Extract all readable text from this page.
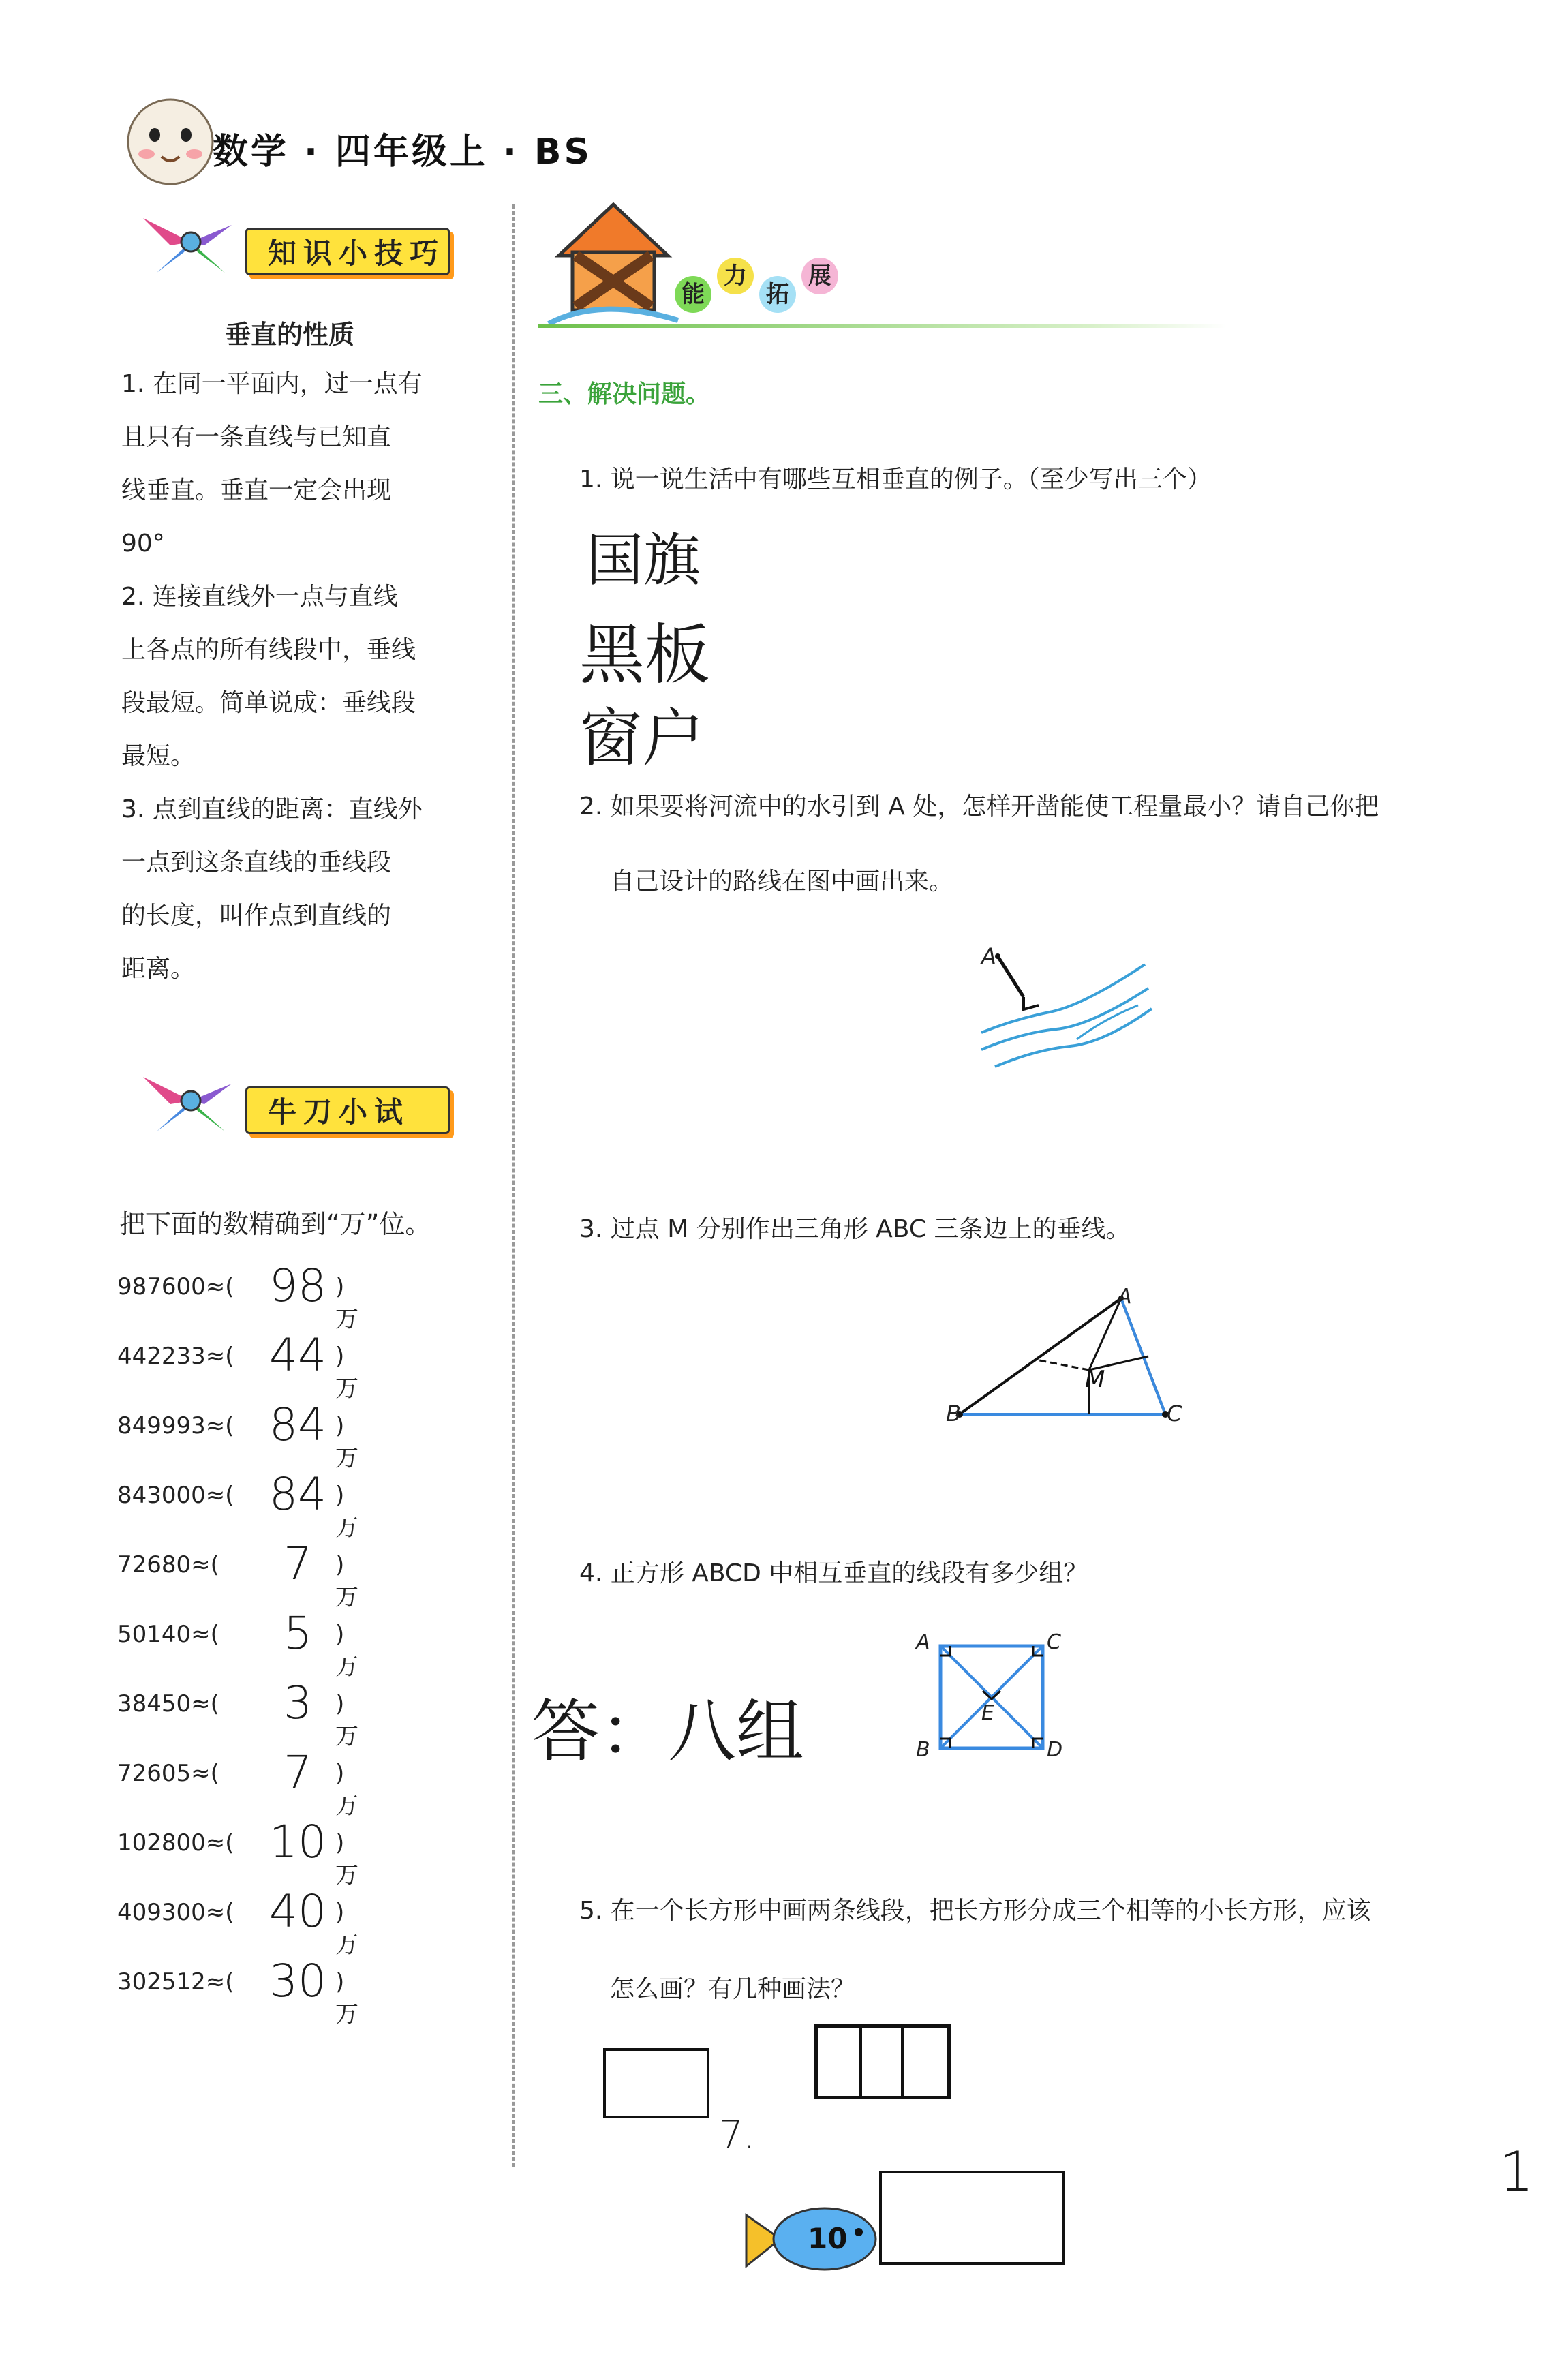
数学 · 四年级上 · BS
知识小技巧
垂直的性质
1. 在同一平面内，过一点有
且只有一条直线与已知直
线垂直。垂直一定会出现
90°
2. 连接直线外一点与直线
上各点的所有线段中，垂线
段最短。简单说成：垂线段
最短。
3. 点到直线的距离：直线外
一点到这条直线的垂线段
的长度，叫作点到直线的
距离。
牛刀小试
把下面的数精确到“万”位。
987600≈( 98 )万
442233≈( 44 )万
849993≈( 84 )万
843000≈( 84 )万
72680≈(	7	)万
50140≈(	5	)万
38450≈(	3	)万
72605≈(	7	)万
102800≈( 10 )万
409300≈( 40 )万
302512≈( 30 )万
能
力
拓
展
三、解决问题。
1. 说一说生活中有哪些互相垂直的例子。（至少写出三个）
国旗
黑板
窗户
2. 如果要将河流中的水引到 A 处，怎样开凿能使工程量最小？请自己你把
自己设计的路线在图中画出来。
A
3. 过点 M 分别作出三角形 ABC 三条边上的垂线。
M
A
B	C
4. 正方形 ABCD 中相互垂直的线段有多少组？
答：八组
A	C
B	D
E
5. 在一个长方形中画两条线段，把长方形分成三个相等的小长方形，应该
怎么画？有几种画法？
7.
1
10
